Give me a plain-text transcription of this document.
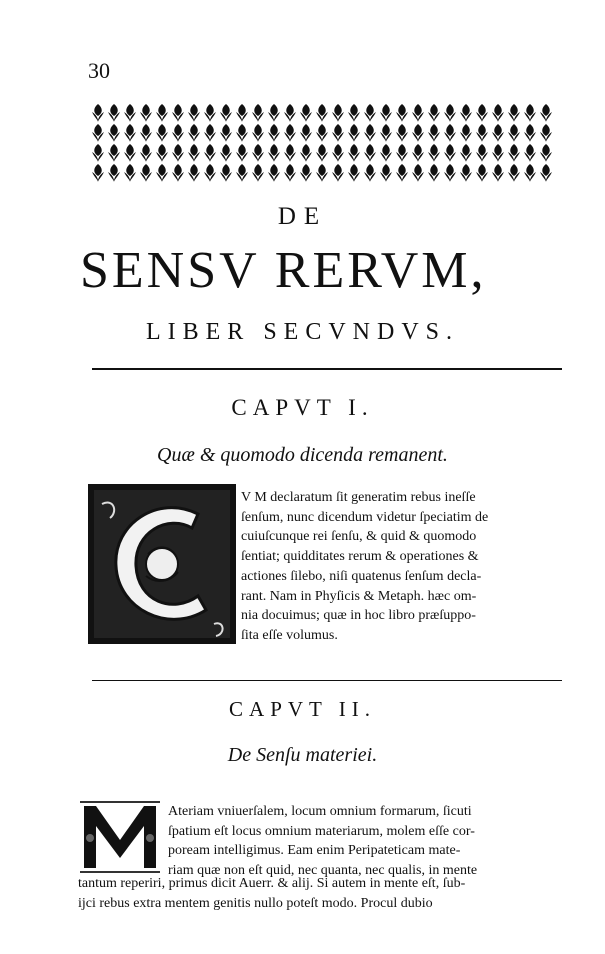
30
DE
SENSV RERVM,
LIBER SECVNDVS.
CAPVT I.
Quæ & quomodo dicenda remanent.
V M declaratum ſit generatim rebus ineſſe
ſenſum, nunc dicendum videtur ſpeciatim de
cuiuſcunque rei ſenſu, & quid & quomodo
ſentiat; quidditates rerum & operationes &
actiones ſilebo, niſi quatenus ſenſum decla-
rant. Nam in Phyſicis & Metaph. hæc om-
nia docuimus; quæ in hoc libro præſuppo-
ſita eſſe volumus.
CAPVT II.
De Senſu materiei.
Ateriam vniuerſalem, locum omnium formarum, ſicuti
ſpatium eſt locus omnium materiarum, molem eſſe cor-
poream intelligimus. Eam enim Peripateticam mate-
riam quæ non eſt quid, nec quanta, nec qualis, in mente
tantum reperiri, primus dicit Auerr. & alij. Si autem in mente eſt, ſub-
ijci rebus extra mentem genitis nullo poteſt modo. Procul dubio
